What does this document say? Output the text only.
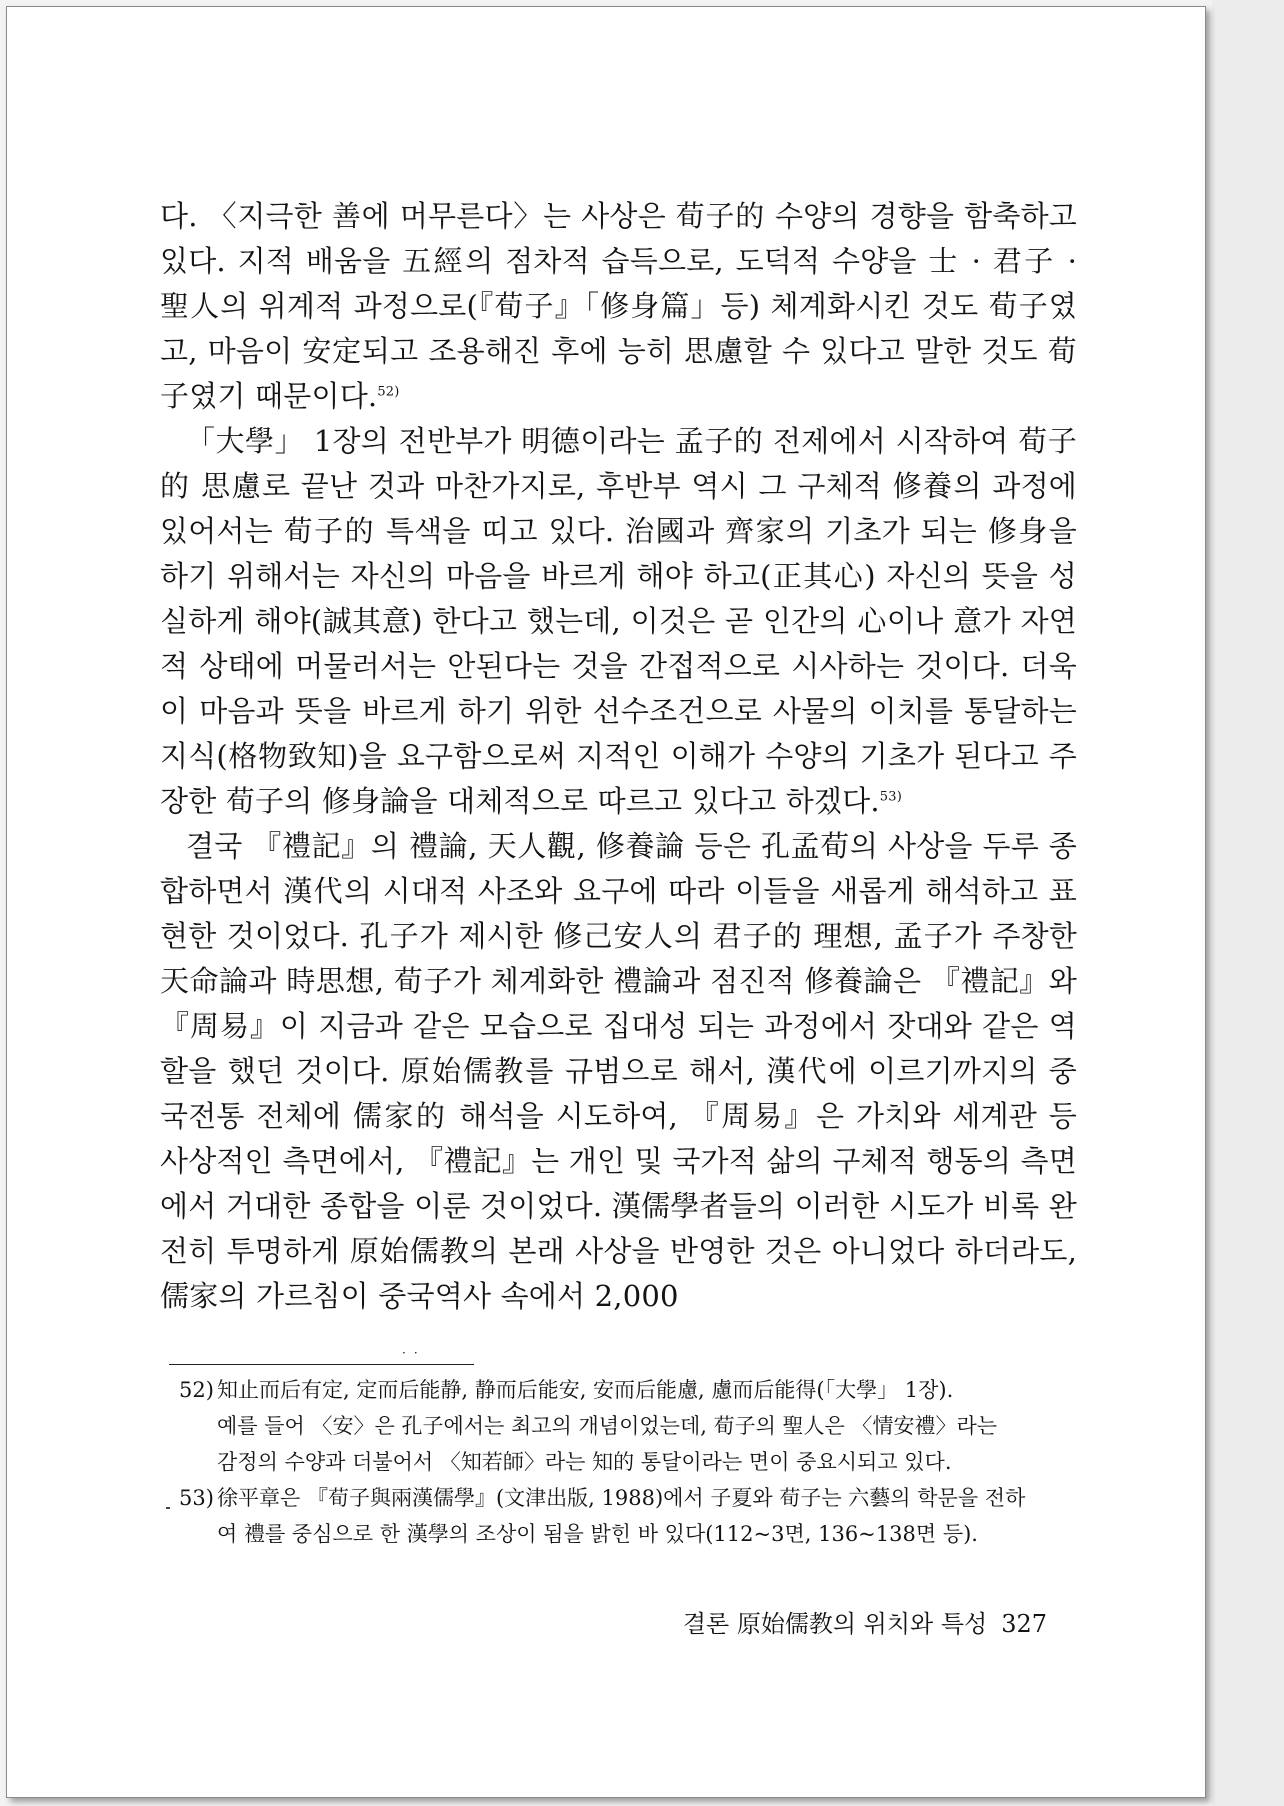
다. 〈지극한 善에 머무른다〉는 사상은 荀子的 수양의 경향을 함축하고 있다. 지적 배움을 五經의 점차적 습득으로, 도덕적 수양을 士 · 君子 · 聖人의 위계적 과정으로(『荀子』「修身篇」등) 체계화시킨 것도 荀子였고, 마음이 安定되고 조용해진 후에 능히 思慮할 수 있다고 말한 것도 荀子였기 때문이다.$^{52)}$

「大學」 1장의 전반부가 明德이라는 孟子的 전제에서 시작하여 荀子的 思慮로 끝난 것과 마찬가지로, 후반부 역시 그 구체적 修養의 과정에 있어서는 荀子的 특색을 띠고 있다. 治國과 齊家의 기초가 되는 修身을 하기 위해서는 자신의 마음을 바르게 해야 하고(正其心) 자신의 뜻을 성실하게 해야(誠其意) 한다고 했는데, 이것은 곧 인간의 心이나 意가 자연적 상태에 머물러서는 안된다는 것을 간접적으로 시사하는 것이다. 더욱이 마음과 뜻을 바르게 하기 위한 선수조건으로 사물의 이치를 통달하는 지식(格物致知)을 요구함으로써 지적인 이해가 수양의 기초가 된다고 주장한 荀子의 修身論을 대체적으로 따르고 있다고 하겠다.$^{53)}$

결국 『禮記』의 禮論, 天人觀, 修養論 등은 孔孟荀의 사상을 두루 종합하면서 漢代의 시대적 사조와 요구에 따라 이들을 새롭게 해석하고 표현한 것이었다. 孔子가 제시한 修己安人의 君子的 理想, 孟子가 주창한 天命論과 時思想, 荀子가 체계화한 禮論과 점진적 修養論은 『禮記』와 『周易』이 지금과 같은 모습으로 집대성 되는 과정에서 잣대와 같은 역할을 했던 것이다. 原始儒教를 규범으로 해서, 漢代에 이르기까지의 중국전통 전체에 儒家的 해석을 시도하여, 『周易』은 가치와 세계관 등 사상적인 측면에서, 『禮記』는 개인 및 국가적 삶의 구체적 행동의 측면에서 거대한 종합을 이룬 것이었다. 漢儒學者들의 이러한 시도가 비록 완전히 투명하게 原始儒教의 본래 사상을 반영한 것은 아니었다 하더라도, 儒家의 가르침이 중국역사 속에서 2,000

··
52) 知止而后有定, 定而后能静, 静而后能安, 安而后能慮, 慮而后能得(「大學」 1장).
예를 들어 〈安〉은 孔子에서는 최고의 개념이었는데, 荀子의 聖人은 〈情安禮〉라는
감정의 수양과 더불어서 〈知若師〉라는 知的 통달이라는 면이 중요시되고 있다.
53) 徐平章은 『荀子與兩漢儒學』(文津出版, 1988)에서 子夏와 荀子는 六藝의 학문을 전하
여 禮를 중심으로 한 漢學의 조상이 됨을 밝힌 바 있다(112~3면, 136~138면 등).
결론 原始儒教의 위치와 특성 327
